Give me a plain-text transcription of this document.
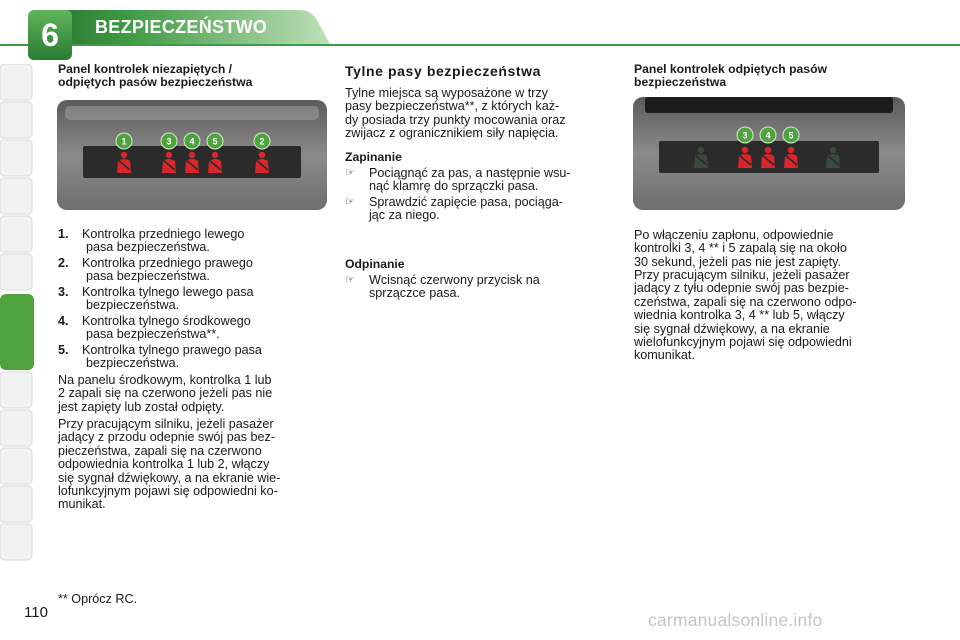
6 BEZPIECZEŃSTWO
Panel kontrolek niezapiętych /
odpiętych pasów bezpieczeństwa
1	3 4 5	2
1. Kontrolka przedniego lewego
pasa bezpieczeństwa.
2. Kontrolka przedniego prawego
pasa bezpieczeństwa.
3. Kontrolka tylnego lewego pasa
bezpieczeństwa.
4. Kontrolka tylnego środkowego
pasa bezpieczeństwa**.
5. Kontrolka tylnego prawego pasa
bezpieczeństwa.
Na panelu środkowym, kontrolka 1 lub
2 zapali się na czerwono jeżeli pas nie
jest zapięty lub został odpięty.
Przy pracującym silniku, jeżeli pasażer
jadący z przodu odepnie swój pas bez-
pieczeństwa, zapali się na czerwono
odpowiednia kontrolka 1 lub 2, włączy
się sygnał dźwiękowy, a na ekranie wie-
lofunkcyjnym pojawi się odpowiedni ko-
munikat.
Tylne pasy bezpieczeństwa
Tylne miejsca są wyposażone w trzy
pasy bezpieczeństwa**, z których każ-
dy posiada trzy punkty mocowania oraz
zwijacz z ogranicznikiem siły napięcia.
Zapinanie
☞ Pociągnąć za pas, a następnie wsu-
nąć klamrę do sprzączki pasa.
☞ Sprawdzić zapięcie pasa, pociąga-
jąc za niego.
Odpinanie
☞ Wcisnąć czerwony przycisk na
sprzączce pasa.
Panel kontrolek odpiętych pasów
bezpieczeństwa
3 4 5
Po włączeniu zapłonu, odpowiednie
kontrolki 3, 4 ** i 5 zapalą się na około
30 sekund, jeżeli pas nie jest zapięty.
Przy pracującym silniku, jeżeli pasażer
jadący z tyłu odepnie swój pas bezpie-
czeństwa, zapali się na czerwono odpo-
wiednia kontrolka 3, 4 ** lub 5, włączy
się sygnał dźwiękowy, a na ekranie
wielofunkcyjnym pojawi się odpowiedni
komunikat.
** Oprócz RC.
110	carmanualsonline.info
